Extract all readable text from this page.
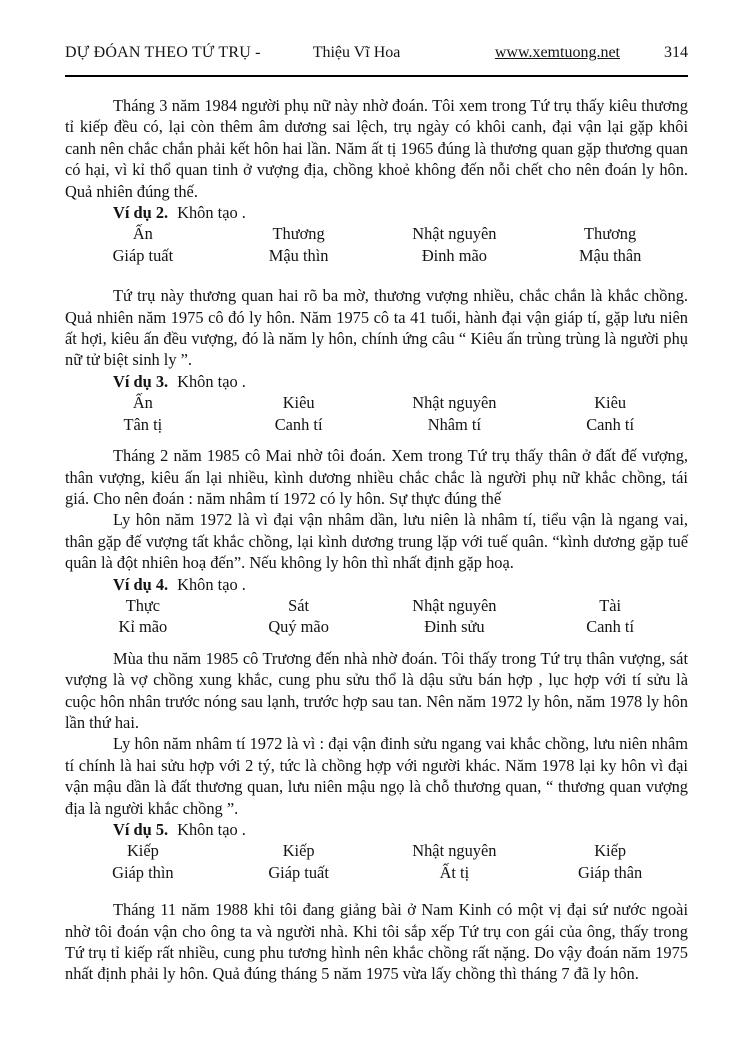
DỰ ĐÓAN THEO TỨ TRỤ -	Thiệu Vĩ Hoa	www.xemtuong.net	314

Tháng 3 năm 1984 người phụ nữ này nhờ đoán. Tôi xem trong Tứ trụ thấy kiêu thương tỉ kiếp đều có, lại còn thêm âm dương sai lệch, trụ ngày có khôi canh, đại vận lại gặp khôi canh nên chắc chắn phải kết hôn hai lần. Năm ất tị 1965 đúng là thương quan gặp thương quan có hại, vì kỉ thổ quan tinh ở vượng địa, chồng khoẻ không đến nỗi chết cho nên đoán ly hôn. Quả nhiên đúng thế.

Ví dụ 2. Khôn tạo .

Ấn	Thương	Nhật nguyên	Thương
Giáp tuất	Mậu thìn	Đinh mão	Mậu thân

Tứ trụ này thương quan hai rõ ba mờ, thương vượng nhiều, chắc chắn là khắc chồng. Quả nhiên năm 1975 cô đó ly hôn. Năm 1975 cô ta 41 tuổi, hành đại vận giáp tí, gặp lưu niên ất hợi, kiêu ấn đều vượng, đó là năm ly hôn, chính ứng câu “ Kiêu ấn trùng trùng là người phụ nữ tử biệt sinh ly ”.

Ví dụ 3. Khôn tạo .

Ấn	Kiêu	Nhật nguyên	Kiêu
Tân tị	Canh tí	Nhâm tí	Canh tí

Tháng 2 năm 1985 cô Mai nhờ tôi đoán. Xem trong Tứ trụ thấy thân ở đất đế vượng, thân vượng, kiêu ấn lại nhiều, kình dương nhiều chắc chắc là người phụ nữ khắc chồng, tái giá. Cho nên đoán : năm nhâm tí 1972 có ly hôn. Sự thực đúng thế

Ly hôn năm 1972 là vì đại vận nhâm dần, lưu niên là nhâm tí, tiểu vận là ngang vai, thân gặp đế vượng tất khắc chồng, lại kình dương trung lặp với tuế quân. “kình dương gặp tuế quân là đột nhiên hoạ đến”. Nếu không ly hôn thì nhất định gặp hoạ.

Ví dụ 4. Khôn tạo .

Thực	Sát	Nhật nguyên	Tài
Kỉ mão	Quý mão	Đinh sửu	Canh tí

Mùa thu năm 1985 cô Trương đến nhà nhờ đoán. Tôi thấy trong Tứ trụ thân vượng, sát vượng là vợ chồng xung khắc, cung phu sửu thổ là dậu sửu bán hợp , lục hợp với tí sửu là cuộc hôn nhân trước nóng sau lạnh, trước hợp sau tan. Nên năm 1972 ly hôn, năm 1978 ly hôn lần thứ hai.

Ly hôn năm nhâm tí 1972 là vì : đại vận đinh sửu ngang vai khắc chồng, lưu niên nhâm tí chính là hai sửu hợp với 2 tý, tức là chồng hợp với người khác. Năm 1978 lại ky hôn vì đại vận mậu dần là đất thương quan, lưu niên mậu ngọ là chỗ thương quan, “ thương quan vượng địa là người khắc chồng ”.

Ví dụ 5. Khôn tạo .

Kiếp	Kiếp	Nhật nguyên	Kiếp
Giáp thìn	Giáp tuất	Ất tị	Giáp thân

Tháng 11 năm 1988 khi tôi đang giảng bài ở Nam Kinh có một vị đại sứ nước ngoài nhờ tôi đoán vận cho ông ta và người nhà. Khi tôi sắp xếp Tứ trụ con gái của ông, thấy trong Tứ trụ tỉ kiếp rất nhiều, cung phu tương hình nên khắc chồng rất nặng. Do vậy đoán năm 1975 nhất định phải ly hôn. Quả đúng tháng 5 năm 1975 vừa lấy chồng thì tháng 7 đã ly hôn.
